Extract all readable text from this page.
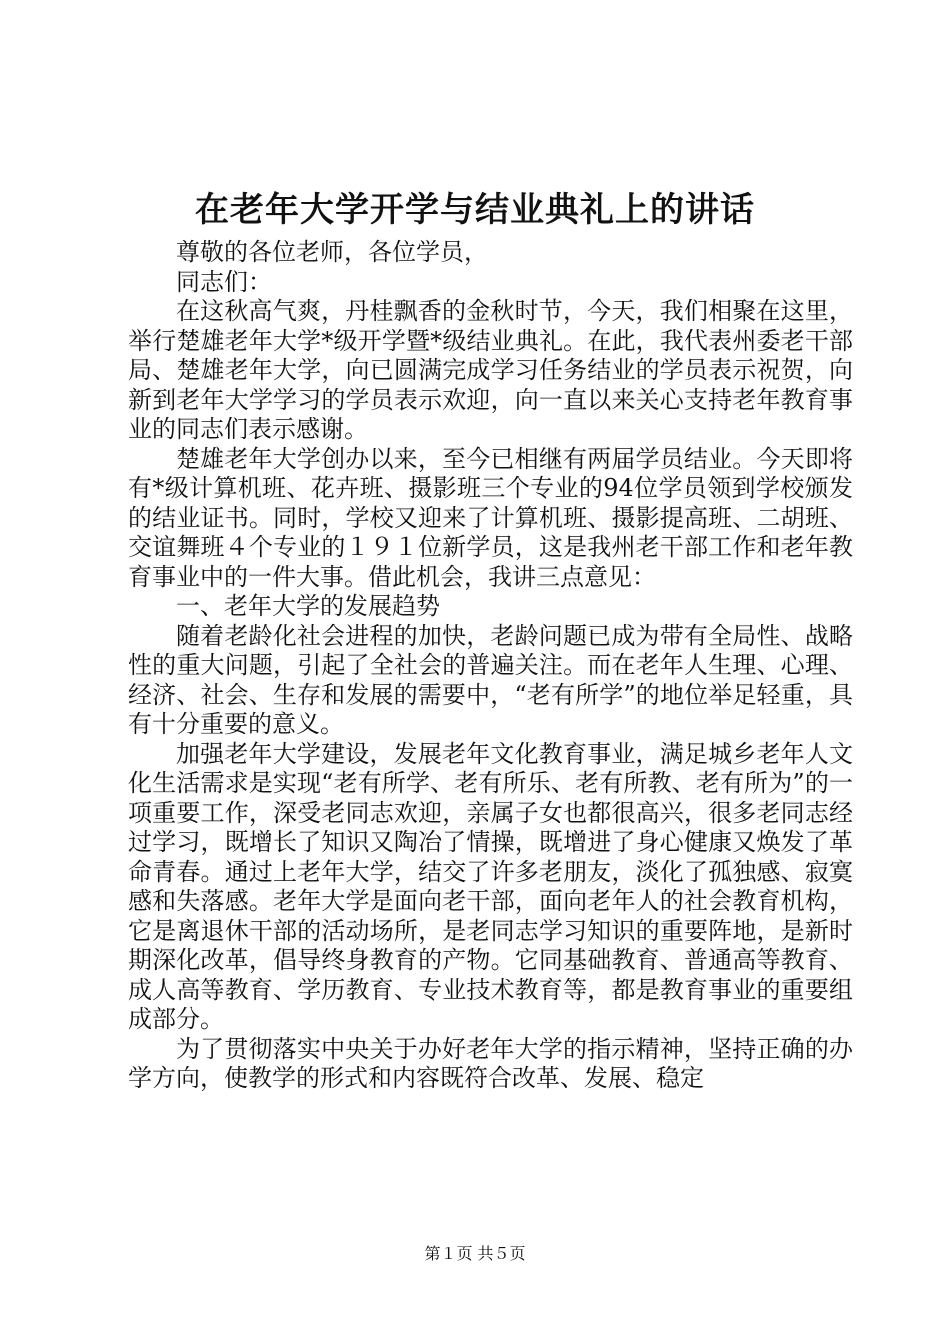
在老年大学开学与结业典礼上的讲话

尊敬的各位老师，各位学员，

同志们：

在这秋高气爽，丹桂飘香的金秋时节，今天，我们相聚在这里，举行楚雄老年大学*级开学暨*级结业典礼。在此，我代表州委老干部局、楚雄老年大学，向已圆满完成学习任务结业的学员表示祝贺，向新到老年大学学习的学员表示欢迎，向一直以来关心支持老年教育事业的同志们表示感谢。

楚雄老年大学创办以来，至今已相继有两届学员结业。今天即将有*级计算机班、花卉班、摄影班三个专业的94位学员领到学校颁发的结业证书。同时，学校又迎来了计算机班、摄影提高班、二胡班、交谊舞班４个专业的１９１位新学员，这是我州老干部工作和老年教育事业中的一件大事。借此机会，我讲三点意见：

一、老年大学的发展趋势

随着老龄化社会进程的加快，老龄问题已成为带有全局性、战略性的重大问题，引起了全社会的普遍关注。而在老年人生理、心理、经济、社会、生存和发展的需要中，“老有所学”的地位举足轻重，具有十分重要的意义。

加强老年大学建设，发展老年文化教育事业，满足城乡老年人文化生活需求是实现“老有所学、老有所乐、老有所教、老有所为”的一项重要工作，深受老同志欢迎，亲属子女也都很高兴，很多老同志经过学习，既增长了知识又陶冶了情操，既增进了身心健康又焕发了革命青春。通过上老年大学，结交了许多老朋友，淡化了孤独感、寂寞感和失落感。老年大学是面向老干部，面向老年人的社会教育机构，它是离退休干部的活动场所，是老同志学习知识的重要阵地，是新时期深化改革，倡导终身教育的产物。它同基础教育、普通高等教育、成人高等教育、学历教育、专业技术教育等，都是教育事业的重要组成部分。

为了贯彻落实中央关于办好老年大学的指示精神，坚持正确的办学方向，使教学的形式和内容既符合改革、发展、稳定

第１页 共５页
